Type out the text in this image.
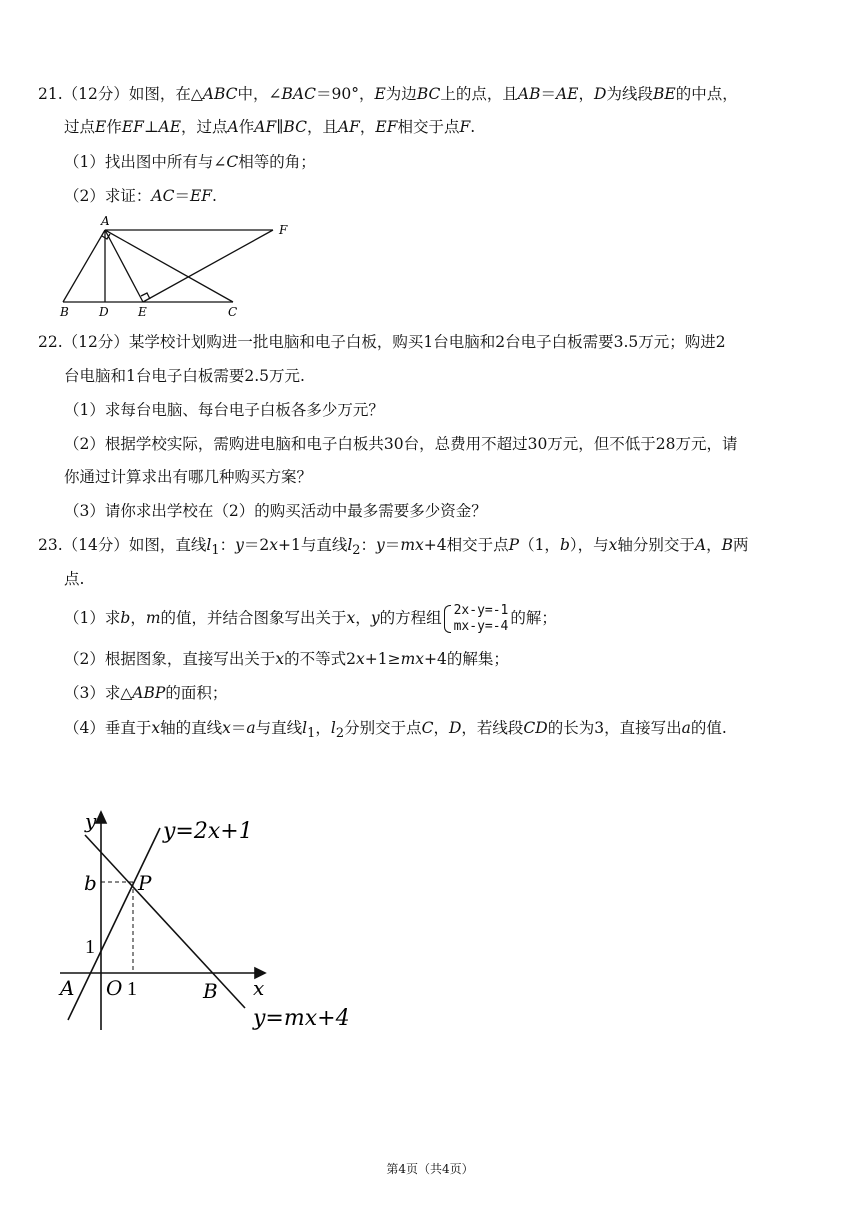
21.（12分）如图，在△ABC中，∠BAC＝90°，E为边BC上的点，且AB＝AE，D为线段BE的中点，
过点E作EF⊥AE，过点A作AF∥BC，且AF，EF相交于点F.
（1）找出图中所有与∠C相等的角；
（2）求证：AC＝EF.
A
F
B	D E	C
22.（12分）某学校计划购进一批电脑和电子白板，购买1台电脑和2台电子白板需要3.5万元；购进2
台电脑和1台电子白板需要2.5万元.
（1）求每台电脑、每台电子白板各多少万元？
（2）根据学校实际，需购进电脑和电子白板共30台，总费用不超过30万元，但不低于28万元，请
你通过计算求出有哪几种购买方案？
（3）请你求出学校在（2）的购买活动中最多需要多少资金？
23.（14分）如图，直线$l_1$：y＝2x+1与直线$l_2$：y＝mx+4相交于点P（1，b），与x轴分别交于A，B两
点.
（1）求b，m的值，并结合图象写出关于x，y的方程组 2x-y=-1
mx-y=-4 的解；
（2）根据图象，直接写出关于x的不等式2x+1≥mx+4的解集；
（3）求△ABP的面积；
（4）垂直于x轴的直线x＝a与直线$l_1$，$l_2$分别交于点C，D，若线段CD的长为3，直接写出a的值.
y
x
y=2x+1
y=mx+4
b P
1
A O 1	B
第4页（共4页）
